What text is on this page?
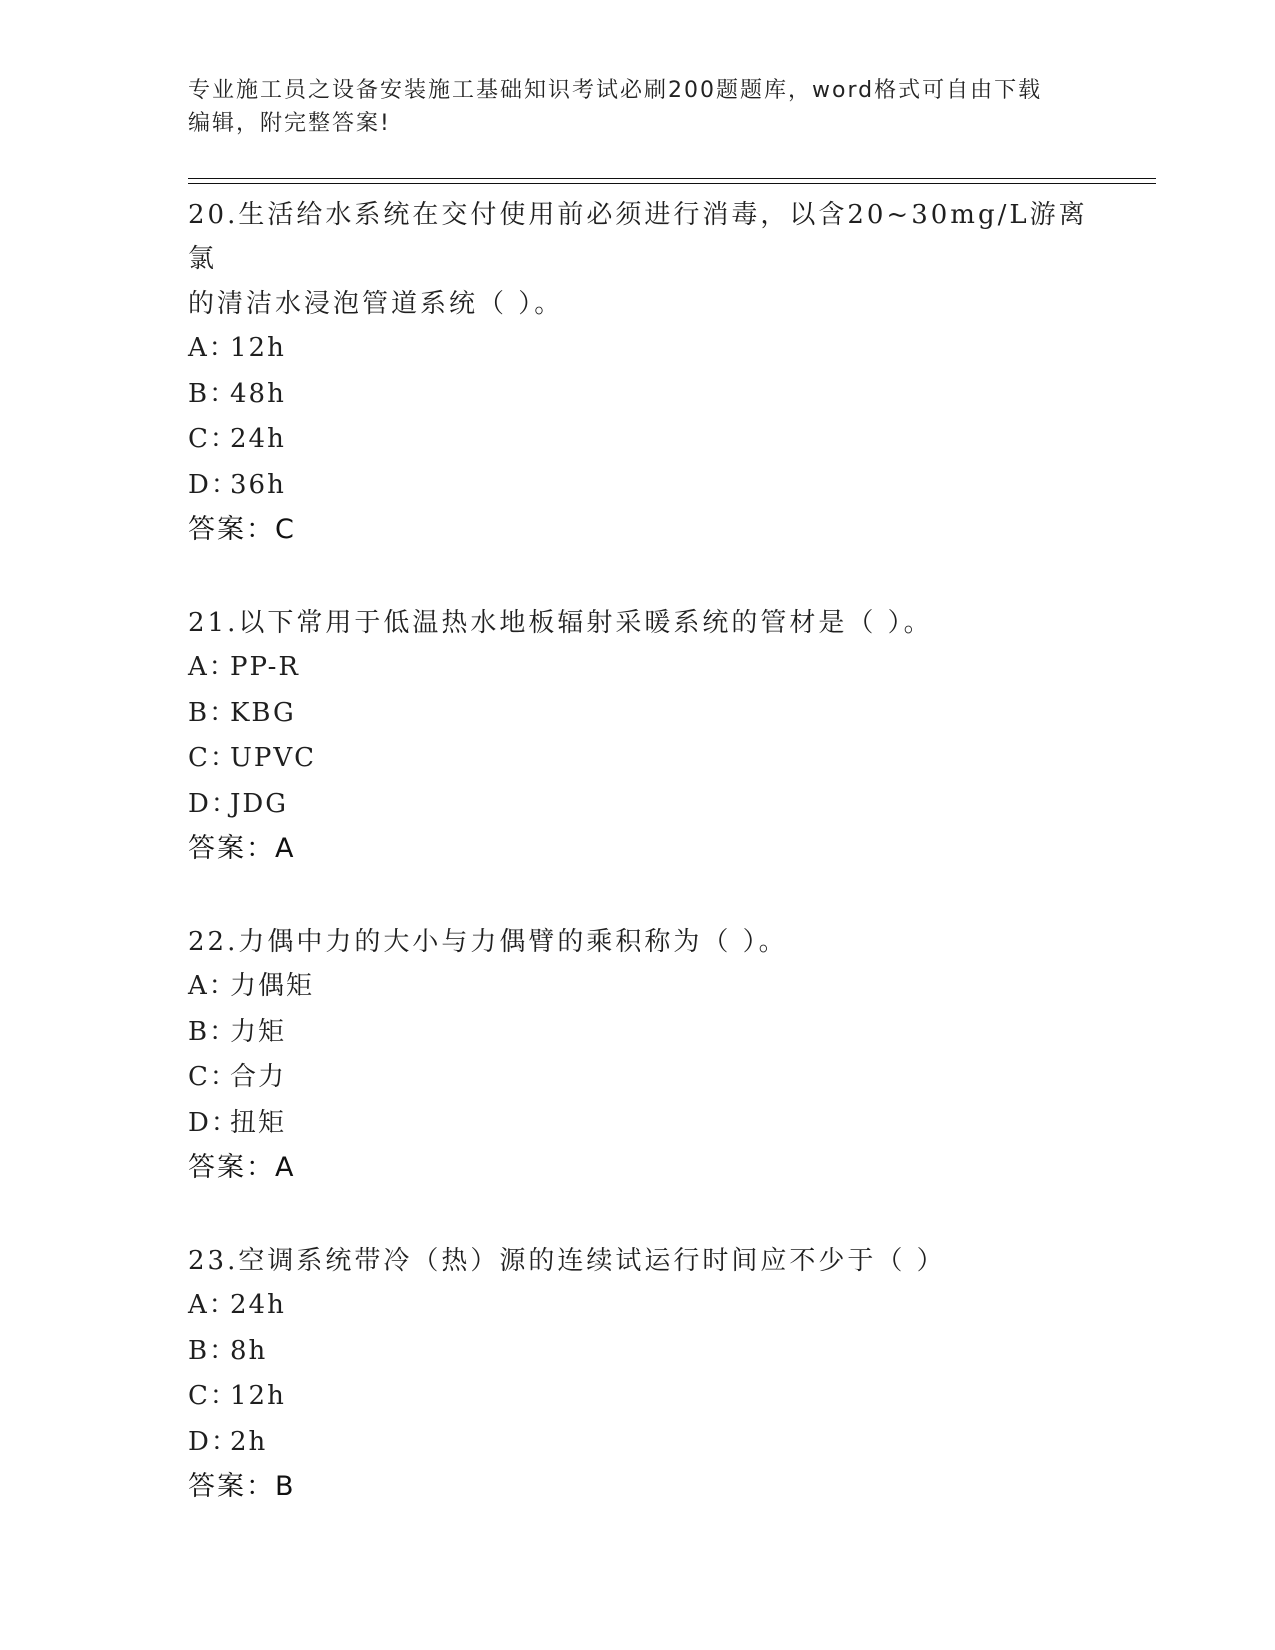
专业施工员之设备安装施工基础知识考试必刷200题题库，word格式可自由下载
编辑，附完整答案!

20.生活给水系统在交付使用前必须进行消毒，以含20~30mg/L游离氯

的清洁水浸泡管道系统（ ）。

A：12h

B：48h

C：24h

D：36h

答案：C

21.以下常用于低温热水地板辐射采暖系统的管材是（ ）。

A：PP-R

B：KBG

C：UPVC

D：JDG

答案：A

22.力偶中力的大小与力偶臂的乘积称为（ ）。

A：力偶矩

B：力矩

C：合力

D：扭矩

答案：A

23.空调系统带冷（热）源的连续试运行时间应不少于（ ）

A：24h

B：8h

C：12h

D：2h

答案：B
